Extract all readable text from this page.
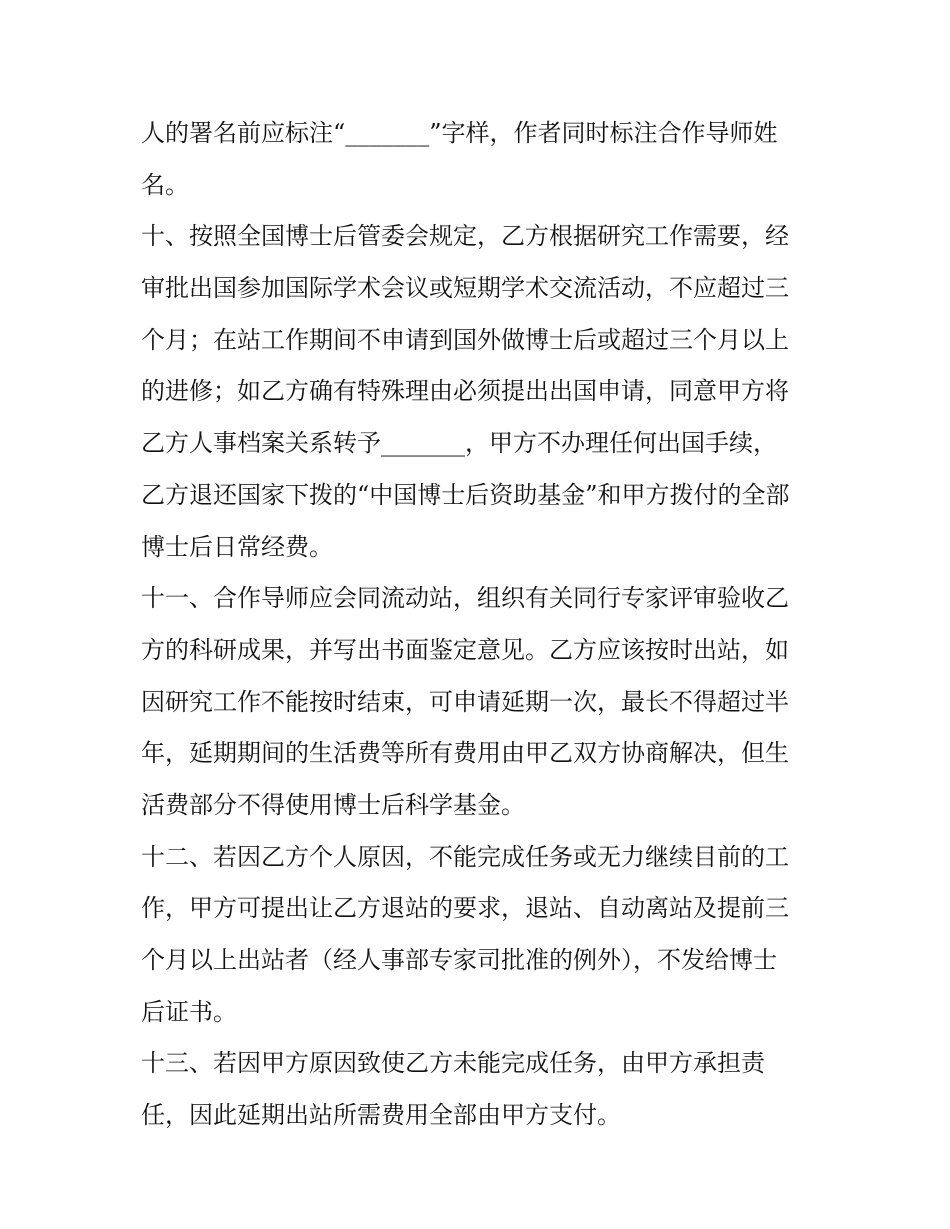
人的署名前应标注“_______”字样，作者同时标注合作导师姓
名。
十、按照全国博士后管委会规定，乙方根据研究工作需要，经
审批出国参加国际学术会议或短期学术交流活动，不应超过三
个月；在站工作期间不申请到国外做博士后或超过三个月以上
的进修；如乙方确有特殊理由必须提出出国申请，同意甲方将
乙方人事档案关系转予_______，甲方不办理任何出国手续，
乙方退还国家下拨的“中国博士后资助基金”和甲方拨付的全部
博士后日常经费。
十一、合作导师应会同流动站，组织有关同行专家评审验收乙
方的科研成果，并写出书面鉴定意见。乙方应该按时出站，如
因研究工作不能按时结束，可申请延期一次，最长不得超过半
年，延期期间的生活费等所有费用由甲乙双方协商解决，但生
活费部分不得使用博士后科学基金。
十二、若因乙方个人原因，不能完成任务或无力继续目前的工
作，甲方可提出让乙方退站的要求，退站、自动离站及提前三
个月以上出站者（经人事部专家司批准的例外），不发给博士
后证书。
十三、若因甲方原因致使乙方未能完成任务，由甲方承担责
任，因此延期出站所需费用全部由甲方支付。
